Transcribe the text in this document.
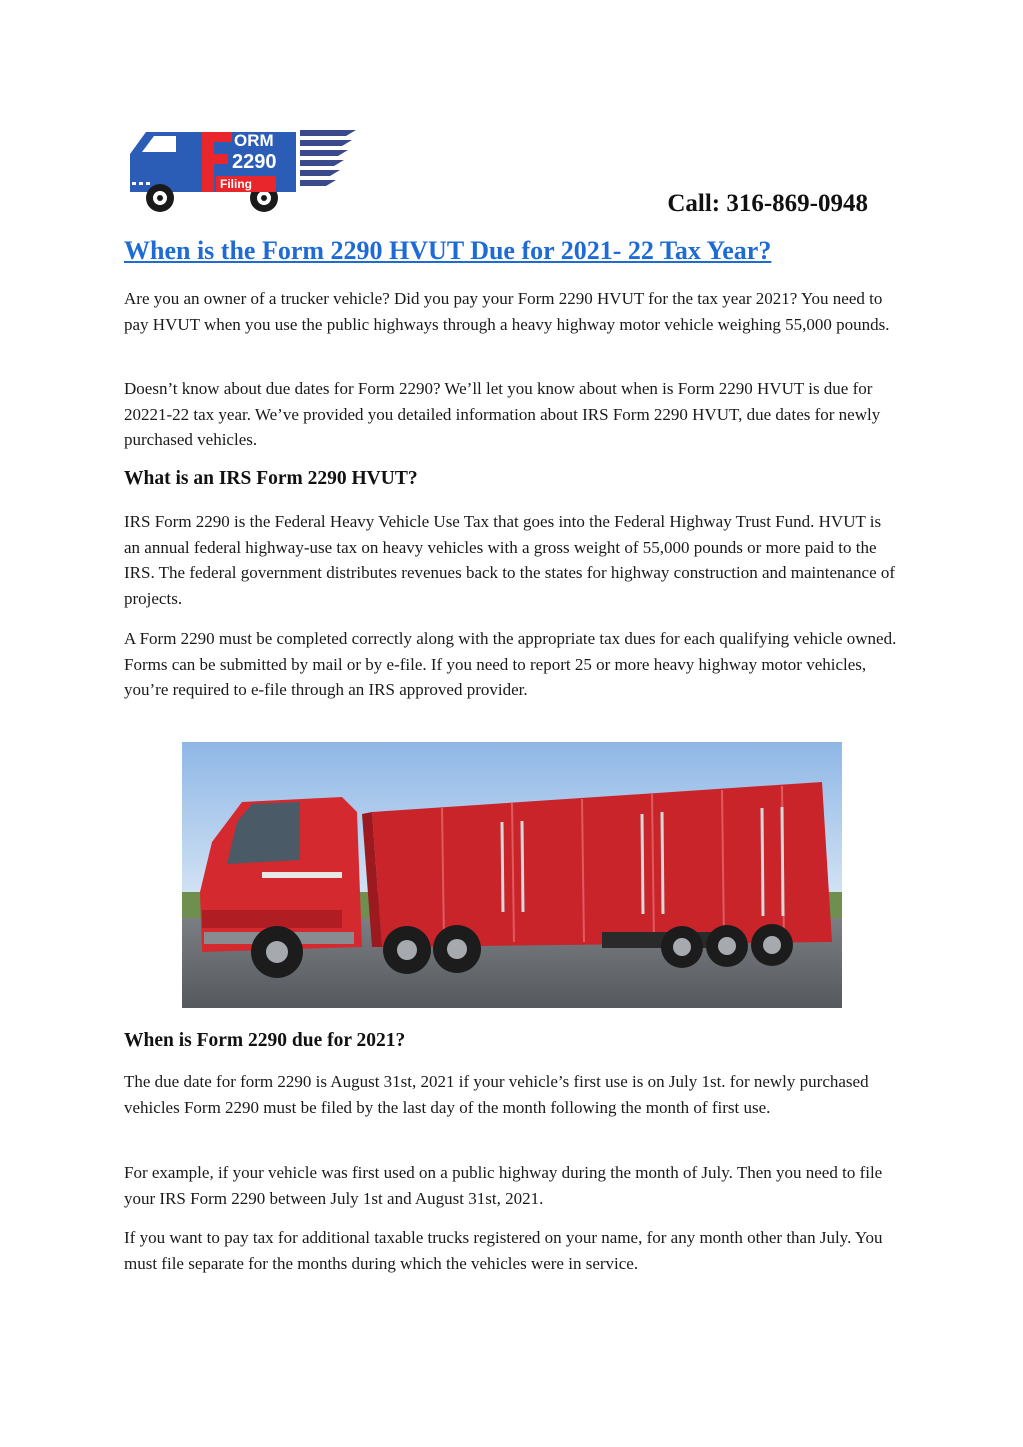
Filing
ORM
2290
Call: 316-869-0948
When is the Form 2290 HVUT Due for 2021- 22 Tax Year?

Are you an owner of a trucker vehicle? Did you pay your Form 2290 HVUT for the tax year 2021? You need to pay HVUT when you use the public highways through a heavy highway motor vehicle weighing 55,000 pounds.

Doesn’t know about due dates for Form 2290? We’ll let you know about when is Form 2290 HVUT is due for 20221-22 tax year. We’ve provided you detailed information about IRS Form 2290 HVUT, due dates for newly purchased vehicles.

What is an IRS Form 2290 HVUT?

IRS Form 2290 is the Federal Heavy Vehicle Use Tax that goes into the Federal Highway Trust Fund. HVUT is an annual federal highway-use tax on heavy vehicles with a gross weight of 55,000 pounds or more paid to the IRS. The federal government distributes revenues back to the states for highway construction and maintenance of projects.

A Form 2290 must be completed correctly along with the appropriate tax dues for each qualifying vehicle owned. Forms can be submitted by mail or by e-file. If you need to report 25 or more heavy highway motor vehicles, you’re required to e-file through an IRS approved provider.

When is Form 2290 due for 2021?

The due date for form 2290 is August 31st, 2021 if your vehicle’s first use is on July 1st. for newly purchased vehicles Form 2290 must be filed by the last day of the month following the month of first use.

For example, if your vehicle was first used on a public highway during the month of July. Then you need to file your IRS Form 2290 between July 1st and August 31st, 2021.

If you want to pay tax for additional taxable trucks registered on your name, for any month other than July. You must file separate for the months during which the vehicles were in service.
